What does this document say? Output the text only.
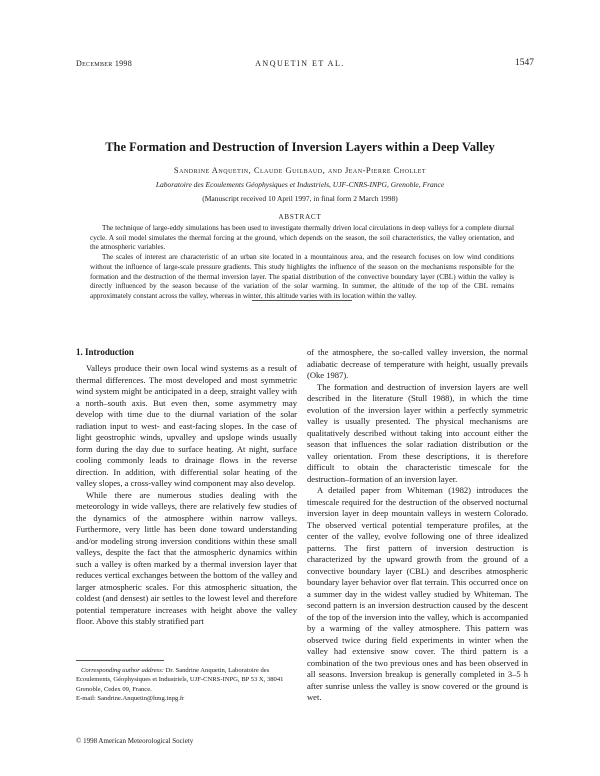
December 1998	ANQUETIN ET AL.	1547
The Formation and Destruction of Inversion Layers within a Deep Valley
Sandrine Anquetin, Claude Guilbaud, and Jean-Pierre Chollet
Laboratoire des Ecoulements Géophysiques et Industriels, UJF-CNRS-INPG, Grenoble, France
(Manuscript received 10 April 1997, in final form 2 March 1998)
ABSTRACT

The technique of large-eddy simulations has been used to investigate thermally driven local circulations in deep valleys for a complete diurnal cycle. A soil model simulates the thermal forcing at the ground, which depends on the season, the soil characteristics, the valley orientation, and the atmospheric variables.

The scales of interest are characteristic of an urban site located in a mountainous area, and the research focuses on low wind conditions without the influence of large-scale pressure gradients. This study highlights the influence of the season on the mechanisms responsible for the formation and the destruction of the thermal inversion layer. The spatial distribution of the convective boundary layer (CBL) within the valley is directly influenced by the season because of the variation of the solar warming. In summer, the altitude of the top of the CBL remains approximately constant across the valley, whereas in winter, this altitude varies with its location within the valley.

1. Introduction

Valleys produce their own local wind systems as a result of thermal differences. The most developed and most symmetric wind system might be anticipated in a deep, straight valley with a north–south axis. But even then, some asymmetry may develop with time due to the diurnal variation of the solar radiation input to west- and east-facing slopes. In the case of light geostrophic winds, upvalley and upslope winds usually form during the day due to surface heating. At night, surface cooling commonly leads to drainage flows in the reverse direction. In addition, with differential solar heating of the valley slopes, a cross-valley wind component may also develop.

While there are numerous studies dealing with the meteorology in wide valleys, there are relatively few studies of the dynamics of the atmosphere within narrow valleys. Furthermore, very little has been done toward understanding and/or modeling strong inversion conditions within these small valleys, despite the fact that the atmospheric dynamics within such a valley is often marked by a thermal inversion layer that reduces vertical exchanges between the bottom of the valley and larger atmospheric scales. For this atmospheric situation, the coldest (and densest) air settles to the lowest level and therefore potential temperature increases with height above the valley floor. Above this stably stratified part

of the atmosphere, the so-called valley inversion, the normal adiabatic decrease of temperature with height, usually prevails (Oke 1987).

The formation and destruction of inversion layers are well described in the literature (Stull 1988), in which the time evolution of the inversion layer within a perfectly symmetric valley is usually presented. The physical mechanisms are qualitatively described without taking into account either the season that influences the solar radiation distribution or the valley orientation. From these descriptions, it is therefore difficult to obtain the characteristic timescale for the destruction–formation of an inversion layer.

A detailed paper from Whiteman (1982) introduces the timescale required for the destruction of the observed nocturnal inversion layer in deep mountain valleys in western Colorado. The observed vertical potential temperature profiles, at the center of the valley, evolve following one of three idealized patterns. The first pattern of inversion destruction is characterized by the upward growth from the ground of a convective boundary layer (CBL) and describes atmospheric boundary layer behavior over flat terrain. This occurred once on a summer day in the widest valley studied by Whiteman. The second pattern is an inversion destruction caused by the descent of the top of the inversion into the valley, which is accompanied by a warming of the valley atmosphere. This pattern was observed twice during field experiments in winter when the valley had extensive snow cover. The third pattern is a combination of the two previous ones and has been observed in all seasons. Inversion breakup is generally completed in 3–5 h after sunrise unless the valley is snow covered or the ground is wet.

Corresponding author address: Dr. Sandrine Anquetin, Laboratoire des Ecoulements, Géophysiques et Industriels, UJF-CNRS-INPG, BP 53 X, 38041 Grenoble, Cedex 09, France.
E-mail: Sandrine.Anquetin@hmg.inpg.fr
© 1998 American Meteorological Society
